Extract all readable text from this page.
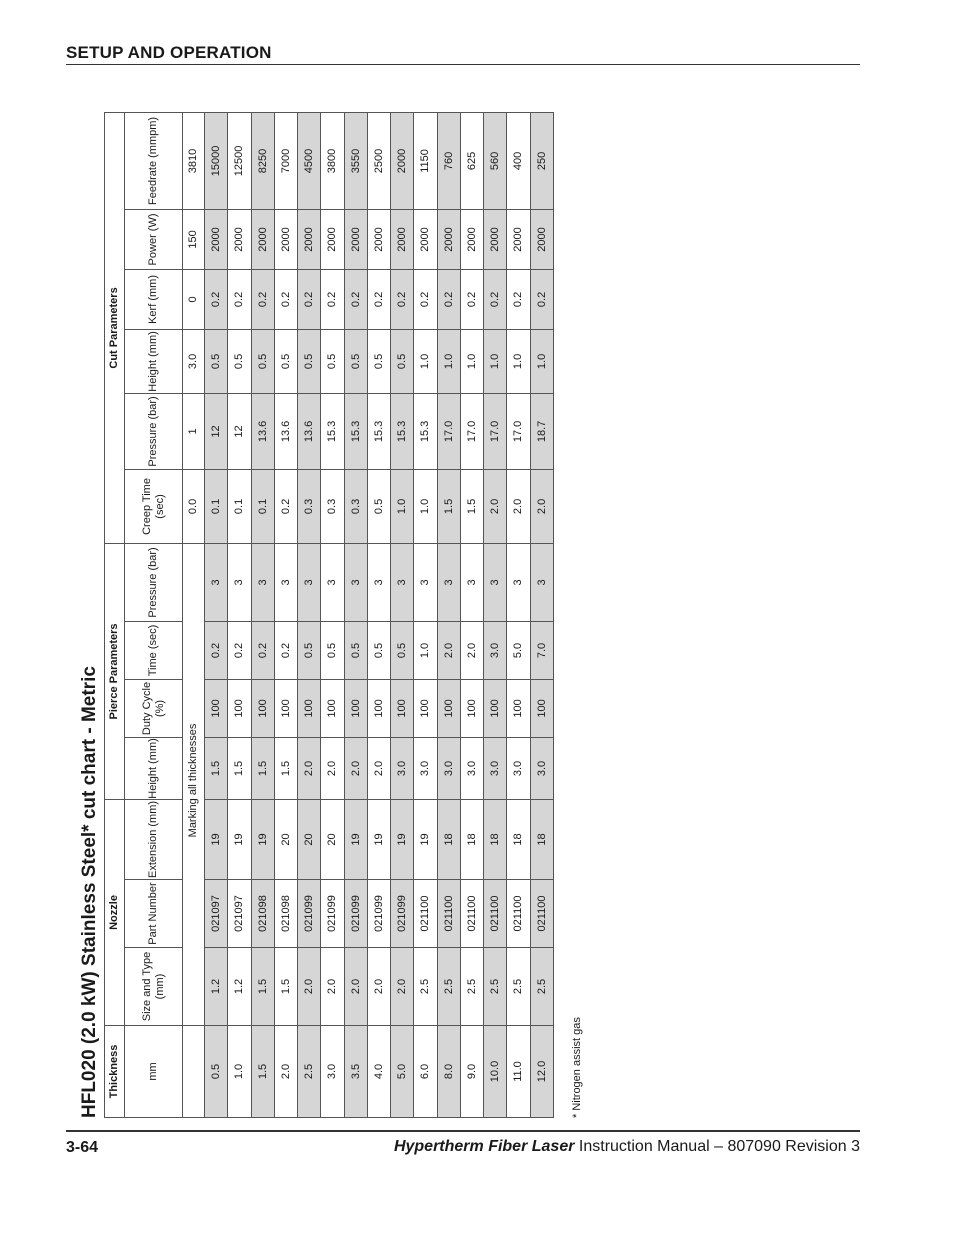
SETUP AND OPERATION
HFL020 (2.0 kW) Stainless Steel* cut chart - Metric Thickness	Nozzle			Pierce Parameters				Cut Parameters					
mm	Size and Type (mm)	Part Number	Extension (mm)	Height (mm)	Duty Cycle (%)	Time (sec)	Pressure (bar)	Creep Time (sec)	Pressure (bar)	Height (mm)	Kerf (mm)	Power (W)	Feedrate (mmpm)
	Marking all thicknesses							0.0	1	3.0	0	150	3810
0.5	1.2	021097	19	1.5	100	0.2	3	0.1	12	0.5	0.2	2000	15000
1.0	1.2	021097	19	1.5	100	0.2	3	0.1	12	0.5	0.2	2000	12500
1.5	1.5	021098	19	1.5	100	0.2	3	0.1	13.6	0.5	0.2	2000	8250
2.0	1.5	021098	20	1.5	100	0.2	3	0.2	13.6	0.5	0.2	2000	7000
2.5	2.0	021099	20	2.0	100	0.5	3	0.3	13.6	0.5	0.2	2000	4500
3.0	2.0	021099	20	2.0	100	0.5	3	0.3	15.3	0.5	0.2	2000	3800
3.5	2.0	021099	19	2.0	100	0.5	3	0.3	15.3	0.5	0.2	2000	3550
4.0	2.0	021099	19	2.0	100	0.5	3	0.5	15.3	0.5	0.2	2000	2500
5.0	2.0	021099	19	3.0	100	0.5	3	1.0	15.3	0.5	0.2	2000	2000
6.0	2.5	021100	19	3.0	100	1.0	3	1.0	15.3	1.0	0.2	2000	1150
8.0	2.5	021100	18	3.0	100	2.0	3	1.5	17.0	1.0	0.2	2000	760
9.0	2.5	021100	18	3.0	100	2.0	3	1.5	17.0	1.0	0.2	2000	625
10.0	2.5	021100	18	3.0	100	3.0	3	2.0	17.0	1.0	0.2	2000	560
11.0	2.5	021100	18	3.0	100	5.0	3	2.0	17.0	1.0	0.2	2000	400
12.0	2.5	021100	18	3.0	100	7.0	3	2.0	18.7	1.0	0.2	2000	250
* Nitrogen assist gas
3-64	Hypertherm Fiber Laser Instruction Manual – 807090 Revision 3
